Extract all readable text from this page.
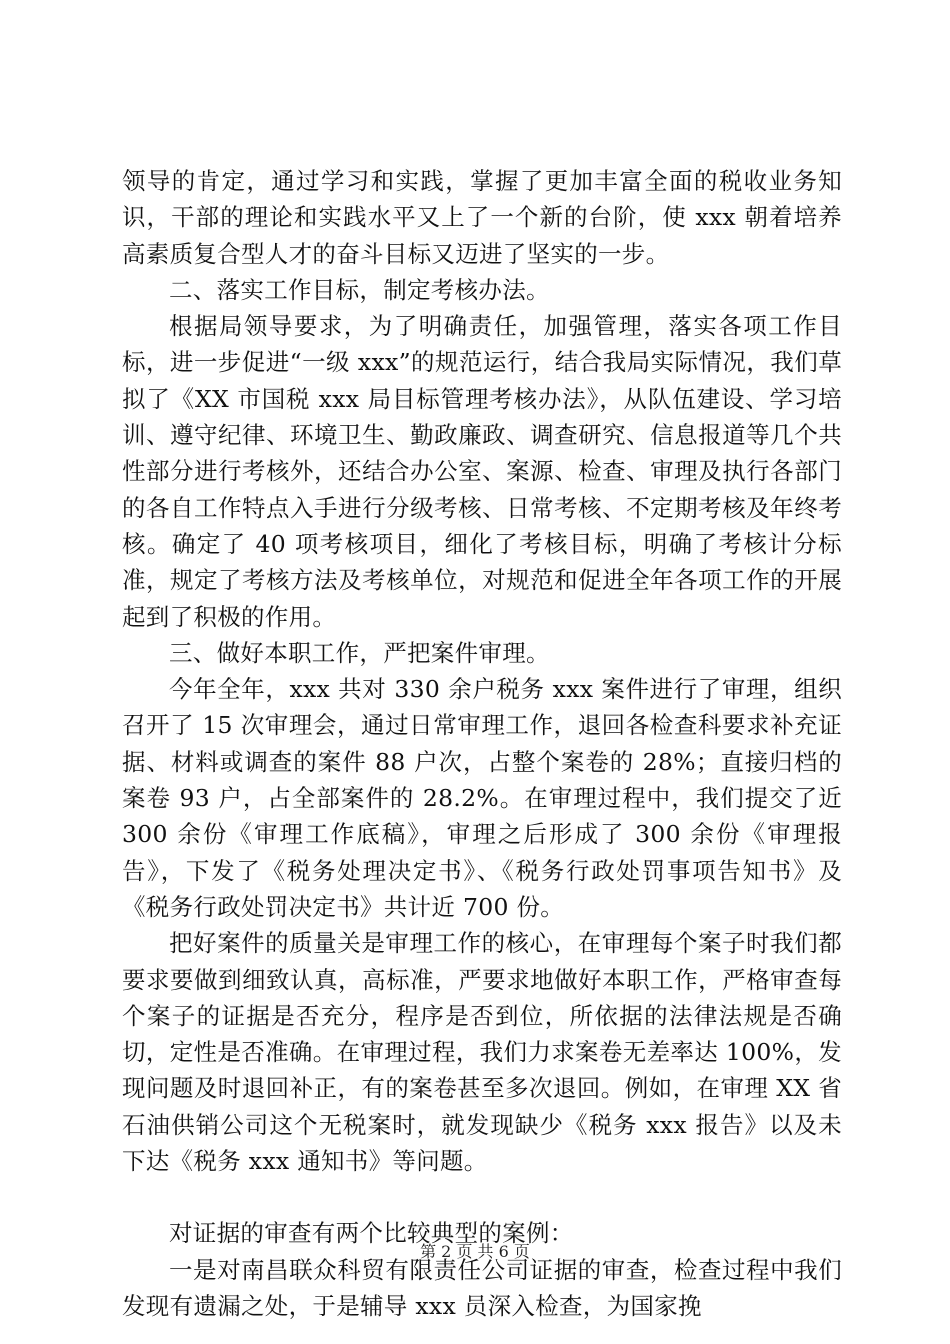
领导的肯定，通过学习和实践，掌握了更加丰富全面的税收业务知识，干部的理论和实践水平又上了一个新的台阶，使 xxx 朝着培养高素质复合型人才的奋斗目标又迈进了坚实的一步。

二、落实工作目标，制定考核办法。

根据局领导要求，为了明确责任，加强管理，落实各项工作目标，进一步促进“一级 xxx”的规范运行，结合我局实际情况，我们草拟了《XX 市国税 xxx 局目标管理考核办法》，从队伍建设、学习培训、遵守纪律、环境卫生、勤政廉政、调查研究、信息报道等几个共性部分进行考核外，还结合办公室、案源、检查、审理及执行各部门的各自工作特点入手进行分级考核、日常考核、不定期考核及年终考核。确定了 40 项考核项目，细化了考核目标，明确了考核计分标准，规定了考核方法及考核单位，对规范和促进全年各项工作的开展起到了积极的作用。

三、做好本职工作，严把案件审理。

今年全年，xxx 共对 330 余户税务 xxx 案件进行了审理，组织召开了 15 次审理会，通过日常审理工作，退回各检查科要求补充证据、材料或调查的案件 88 户次，占整个案卷的 28%；直接归档的案卷 93 户，占全部案件的 28.2%。在审理过程中，我们提交了近 300 余份《审理工作底稿》，审理之后形成了 300 余份《审理报告》，下发了《税务处理决定书》、《税务行政处罚事项告知书》及《税务行政处罚决定书》共计近 700 份。

把好案件的质量关是审理工作的核心，在审理每个案子时我们都要求要做到细致认真，高标准，严要求地做好本职工作，严格审查每个案子的证据是否充分，程序是否到位，所依据的法律法规是否确切，定性是否准确。在审理过程，我们力求案卷无差率达 100%，发现问题及时退回补正，有的案卷甚至多次退回。例如，在审理 XX 省石油供销公司这个无税案时，就发现缺少《税务 xxx 报告》以及未下达《税务 xxx 通知书》等问题。

对证据的审查有两个比较典型的案例：

一是对南昌联众科贸有限责任公司证据的审查，检查过程中我们发现有遗漏之处，于是辅导 xxx 员深入检查，为国家挽

第 2 页 共 6 页
